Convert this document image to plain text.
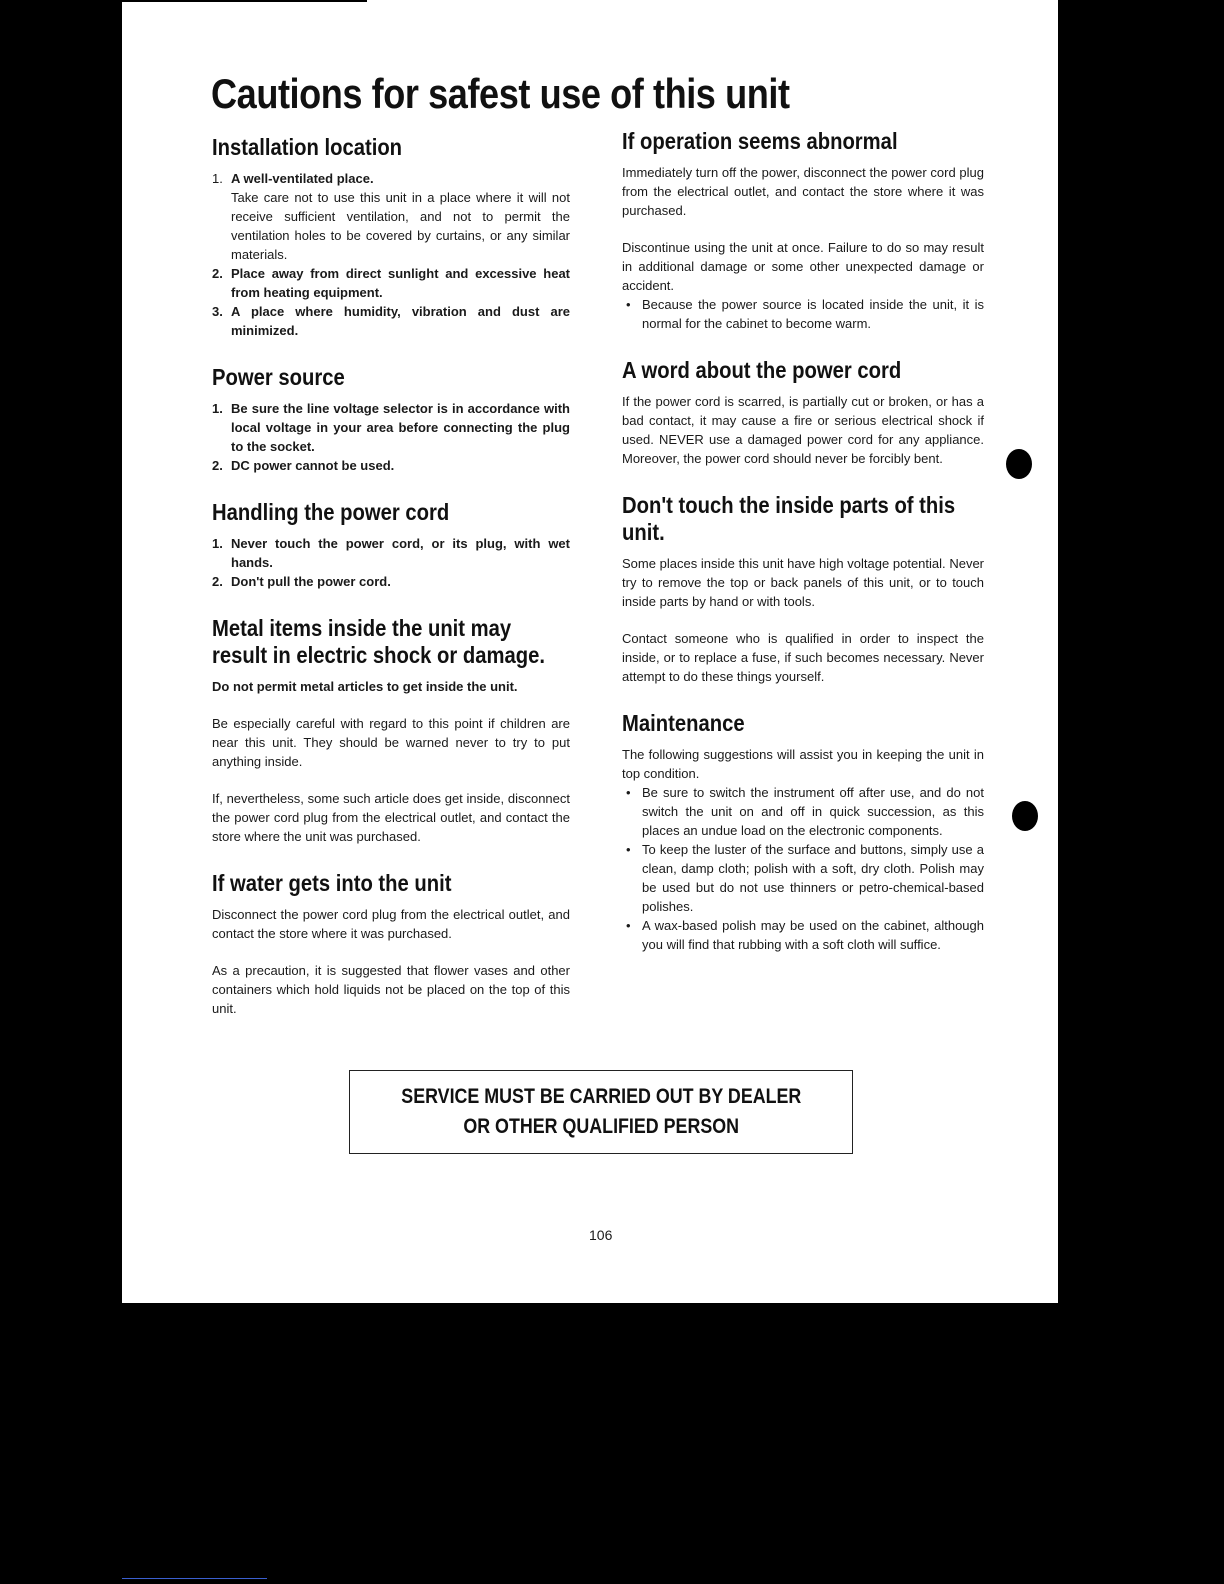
Cautions for safest use of this unit
Installation location
1. A well-ventilated place.
Take care not to use this unit in a place where it will not receive sufficient ventilation, and not to permit the ventilation holes to be covered by curtains, or any similar materials.
2. Place away from direct sunlight and excessive heat from heating equipment.
3. A place where humidity, vibration and dust are minimized.
Power source
1. Be sure the line voltage selector is in accordance with local voltage in your area before connecting the plug to the socket.
2. DC power cannot be used.
Handling the power cord
1. Never touch the power cord, or its plug, with wet hands.
2. Don't pull the power cord.
Metal items inside the unit may result in electric shock or damage.

Do not permit metal articles to get inside the unit.

Be especially careful with regard to this point if children are near this unit. They should be warned never to try to put anything inside.

If, nevertheless, some such article does get inside, disconnect the power cord plug from the electrical outlet, and contact the store where the unit was purchased.

If water gets into the unit

Disconnect the power cord plug from the electrical outlet, and contact the store where it was purchased.

As a precaution, it is suggested that flower vases and other containers which hold liquids not be placed on the top of this unit.

If operation seems abnormal

Immediately turn off the power, disconnect the power cord plug from the electrical outlet, and contact the store where it was purchased.

Discontinue using the unit at once. Failure to do so may result in additional damage or some other unexpected damage or accident.

• Because the power source is located inside the unit, it is normal for the cabinet to become warm.
A word about the power cord

If the power cord is scarred, is partially cut or broken, or has a bad contact, it may cause a fire or serious electrical shock if used. NEVER use a damaged power cord for any appliance. Moreover, the power cord should never be forcibly bent.

Don't touch the inside parts of this unit.

Some places inside this unit have high voltage potential. Never try to remove the top or back panels of this unit, or to touch inside parts by hand or with tools.

Contact someone who is qualified in order to inspect the inside, or to replace a fuse, if such becomes necessary. Never attempt to do these things yourself.

Maintenance

The following suggestions will assist you in keeping the unit in top condition.

• Be sure to switch the instrument off after use, and do not switch the unit on and off in quick succession, as this places an undue load on the electronic components.
• To keep the luster of the surface and buttons, simply use a clean, damp cloth; polish with a soft, dry cloth. Polish may be used but do not use thinners or petro-chemical-based polishes.
• A wax-based polish may be used on the cabinet, although you will find that rubbing with a soft cloth will suffice.
SERVICE MUST BE CARRIED OUT BY DEALER
OR OTHER QUALIFIED PERSON
106
